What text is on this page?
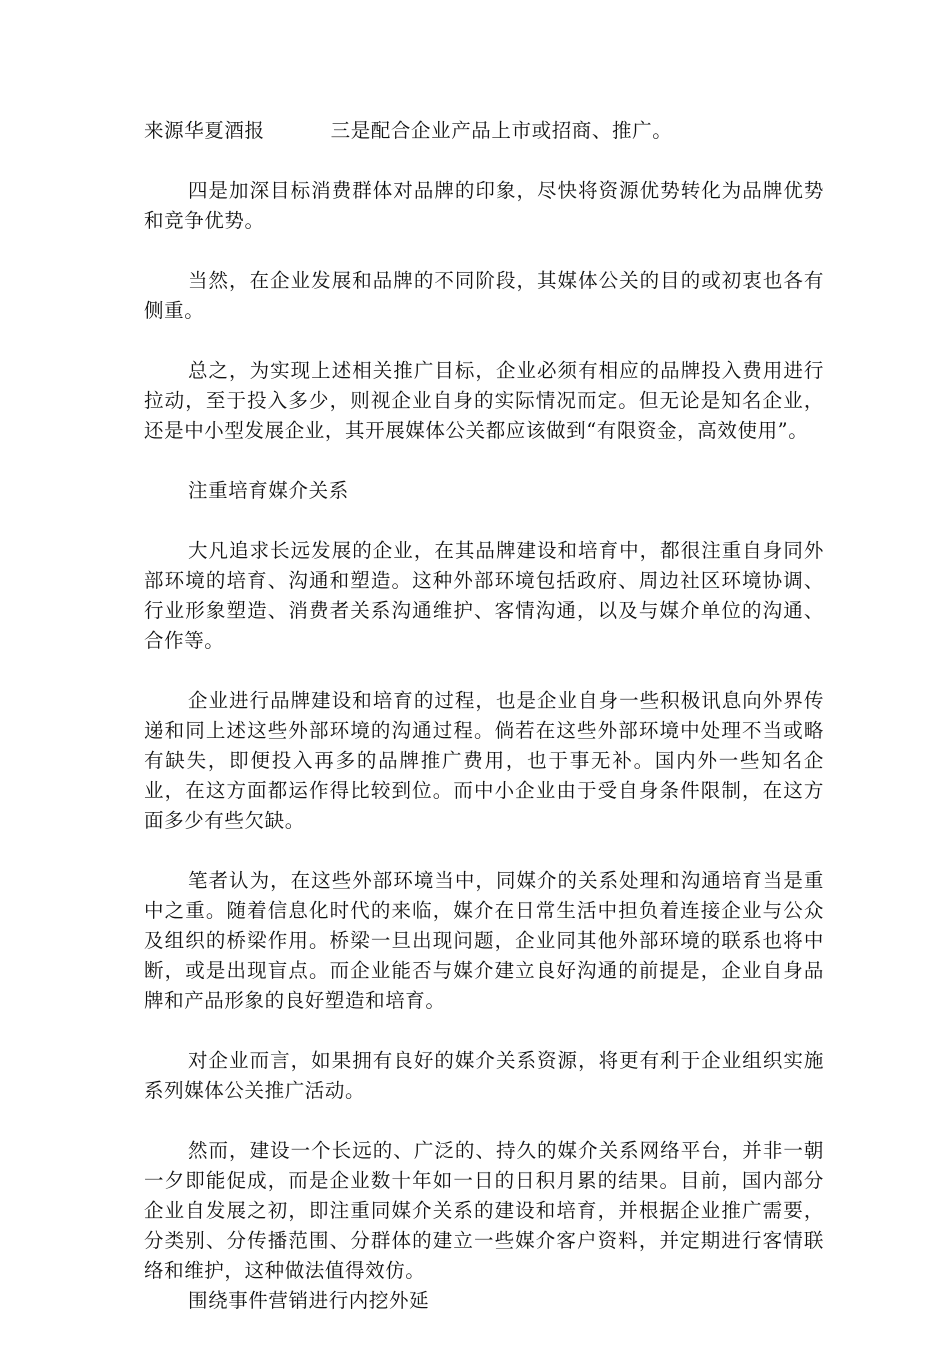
来源华夏酒报	三是配合企业产品上市或招商、推广。

四是加深目标消费群体对品牌的印象，尽快将资源优势转化为品牌优势和竞争优势。

当然，在企业发展和品牌的不同阶段，其媒体公关的目的或初衷也各有侧重。

总之，为实现上述相关推广目标，企业必须有相应的品牌投入费用进行拉动，至于投入多少，则视企业自身的实际情况而定。但无论是知名企业，还是中小型发展企业，其开展媒体公关都应该做到“有限资金，高效使用”。

注重培育媒介关系

大凡追求长远发展的企业，在其品牌建设和培育中，都很注重自身同外部环境的培育、沟通和塑造。这种外部环境包括政府、周边社区环境协调、行业形象塑造、消费者关系沟通维护、客情沟通，以及与媒介单位的沟通、合作等。

企业进行品牌建设和培育的过程，也是企业自身一些积极讯息向外界传递和同上述这些外部环境的沟通过程。倘若在这些外部环境中处理不当或略有缺失，即便投入再多的品牌推广费用，也于事无补。国内外一些知名企业，在这方面都运作得比较到位。而中小企业由于受自身条件限制，在这方面多少有些欠缺。

笔者认为，在这些外部环境当中，同媒介的关系处理和沟通培育当是重中之重。随着信息化时代的来临，媒介在日常生活中担负着连接企业与公众及组织的桥梁作用。桥梁一旦出现问题，企业同其他外部环境的联系也将中断，或是出现盲点。而企业能否与媒介建立良好沟通的前提是，企业自身品牌和产品形象的良好塑造和培育。

对企业而言，如果拥有良好的媒介关系资源，将更有利于企业组织实施系列媒体公关推广活动。

然而，建设一个长远的、广泛的、持久的媒介关系网络平台，并非一朝一夕即能促成，而是企业数十年如一日的日积月累的结果。目前，国内部分企业自发展之初，即注重同媒介关系的建设和培育，并根据企业推广需要，分类别、分传播范围、分群体的建立一些媒介客户资料，并定期进行客情联络和维护，这种做法值得效仿。

围绕事件营销进行内挖外延
